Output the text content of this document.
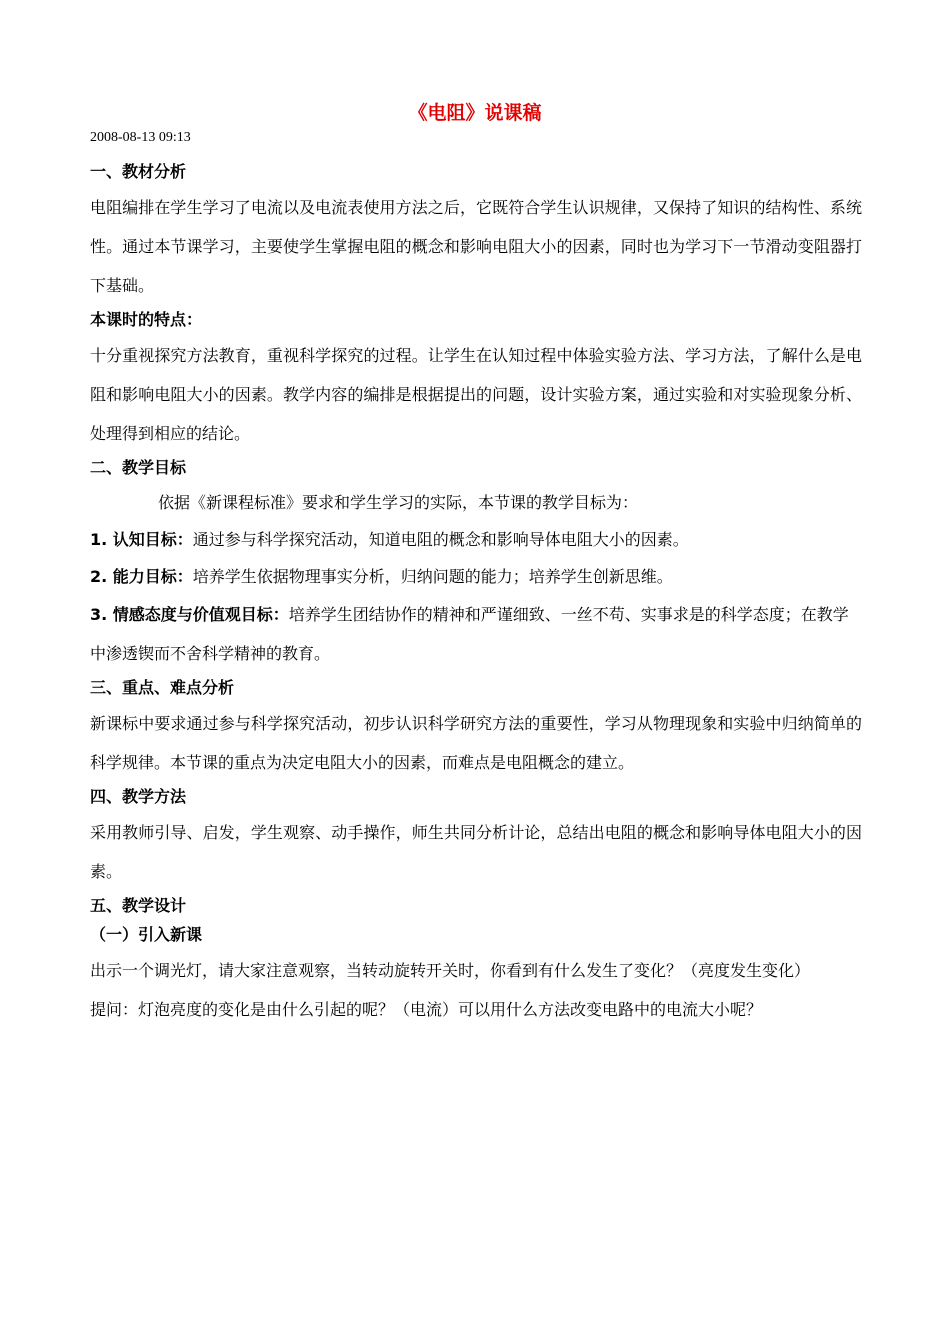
《电阻》说课稿
2008-08-13 09:13
一、教材分析

电阻编排在学生学习了电流以及电流表使用方法之后，它既符合学生认识规律，又保持了知识的结构性、系统性。通过本节课学习，主要使学生掌握电阻的概念和影响电阻大小的因素，同时也为学习下一节滑动变阻器打下基础。

本课时的特点：

十分重视探究方法教育，重视科学探究的过程。让学生在认知过程中体验实验方法、学习方法，了解什么是电阻和影响电阻大小的因素。教学内容的编排是根据提出的问题，设计实验方案，通过实验和对实验现象分析、处理得到相应的结论。

二、教学目标

依据《新课程标准》要求和学生学习的实际，本节课的教学目标为：

1. 认知目标：通过参与科学探究活动，知道电阻的概念和影响导体电阻大小的因素。

2. 能力目标：培养学生依据物理事实分析，归纳问题的能力；培养学生创新思维。

3. 情感态度与价值观目标：培养学生团结协作的精神和严谨细致、一丝不苟、实事求是的科学态度；在教学中渗透锲而不舍科学精神的教育。

三、重点、难点分析

新课标中要求通过参与科学探究活动，初步认识科学研究方法的重要性，学习从物理现象和实验中归纳简单的科学规律。本节课的重点为决定电阻大小的因素，而难点是电阻概念的建立。

四、教学方法

采用教师引导、启发，学生观察、动手操作，师生共同分析计论，总结出电阻的概念和影响导体电阻大小的因素。

五、教学设计
（一）引入新课

出示一个调光灯，请大家注意观察，当转动旋转开关时，你看到有什么发生了变化？（亮度发生变化）

提问：灯泡亮度的变化是由什么引起的呢？（电流）可以用什么方法改变电路中的电流大小呢？
